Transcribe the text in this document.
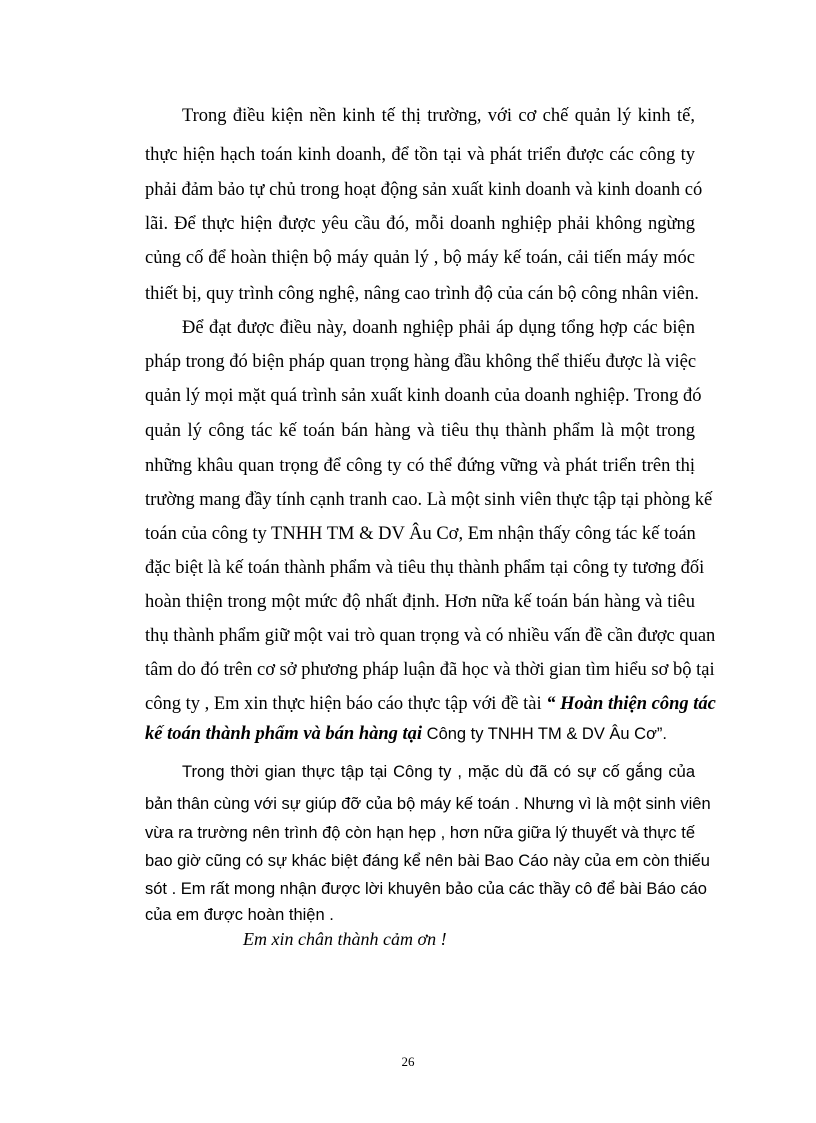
Trong điều kiện nền kinh tế thị trường, với cơ chế quản lý kinh tế,
thực hiện hạch toán kinh doanh, để tồn tại và phát triển được các công ty
phải đảm bảo tự chủ trong hoạt động sản xuất kinh doanh và kinh doanh có
lãi. Để thực hiện được yêu cầu đó, mỗi doanh nghiệp phải không ngừng
củng cố để hoàn thiện bộ máy quản lý , bộ máy kế toán, cải tiến máy móc
thiết bị, quy trình công nghệ, nâng cao trình độ của cán bộ công nhân viên.
Để đạt được điều này, doanh nghiệp phải áp dụng tổng hợp các biện
pháp trong đó biện pháp quan trọng hàng đầu không thể thiếu được là việc
quản lý mọi mặt quá trình sản xuất kinh doanh của doanh nghiệp. Trong đó
quản lý công tác kế toán bán hàng và tiêu thụ thành phẩm là một trong
những khâu quan trọng để công ty có thể đứng vững và phát triển trên thị
trường mang đầy tính cạnh tranh cao. Là một sinh viên thực tập tại phòng kế
toán của công ty TNHH TM & DV Âu Cơ, Em nhận thấy công tác kế toán
đặc biệt là kế toán thành phẩm và tiêu thụ thành phẩm tại công ty tương đối
hoàn thiện trong một mức độ nhất định. Hơn nữa kế toán bán hàng và tiêu
thụ thành phẩm giữ một vai trò quan trọng và có nhiều vấn đề cần được quan
tâm do đó trên cơ sở phương pháp luận đã học và thời gian tìm hiểu sơ bộ tại
công ty , Em xin thực hiện báo cáo thực tập với đề tài “ Hoàn thiện công tác
kế toán thành phẩm và bán hàng tại Công ty TNHH TM & DV Âu Cơ”.
Trong thời gian thực tập tại Công ty , mặc dù đã có sự cố gắng của
bản thân cùng với sự giúp đỡ của bộ máy kế toán . Nhưng vì là một sinh viên
vừa ra trường nên trình độ còn hạn hẹp , hơn nữa giữa lý thuyết và thực tế
bao giờ cũng có sự khác biệt đáng kể nên bài Bao Cáo này của em còn thiếu
sót . Em rất mong nhận được lời khuyên bảo của các thầy cô để bài Báo cáo
của em được hoàn thiện .
Em xin chân thành cảm ơn !
26
